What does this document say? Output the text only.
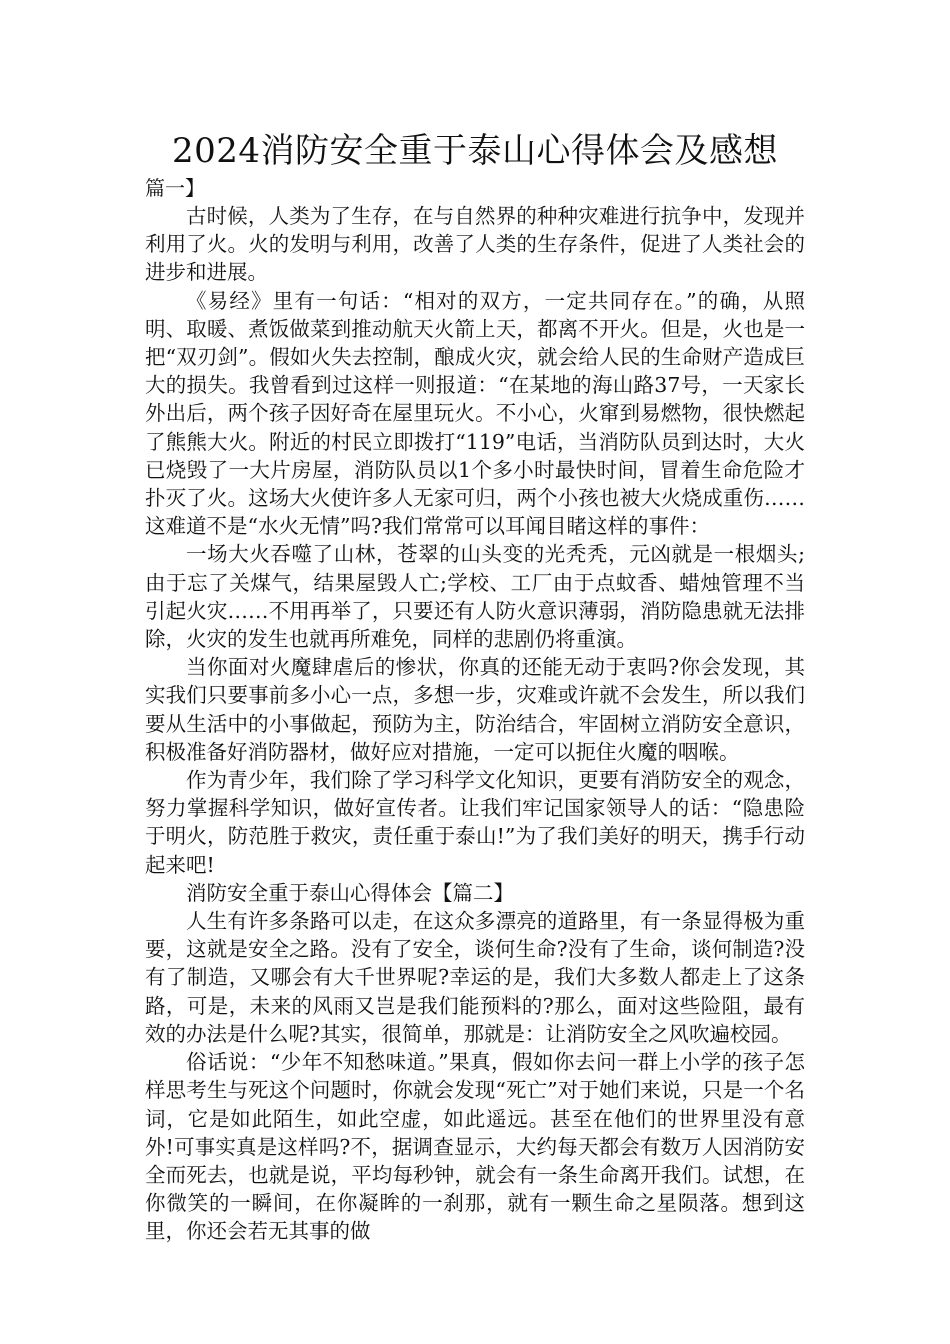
2024消防安全重于泰山心得体会及感想

篇一】

古时候，人类为了生存，在与自然界的种种灾难进行抗争中，发现并利用了火。火的发明与利用，改善了人类的生存条件，促进了人类社会的进步和进展。

《易经》里有一句话：“相对的双方，一定共同存在。”的确，从照明、取暖、煮饭做菜到推动航天火箭上天，都离不开火。但是，火也是一把“双刃剑”。假如火失去控制，酿成火灾，就会给人民的生命财产造成巨大的损失。我曾看到过这样一则报道：“在某地的海山路37号，一天家长外出后，两个孩子因好奇在屋里玩火。不小心，火窜到易燃物，很快燃起了熊熊大火。附近的村民立即拨打“119”电话，当消防队员到达时，大火已烧毁了一大片房屋，消防队员以1个多小时最快时间，冒着生命危险才扑灭了火。这场大火使许多人无家可归，两个小孩也被大火烧成重伤……这难道不是“水火无情”吗?我们常常可以耳闻目睹这样的事件：

一场大火吞噬了山林，苍翠的山头变的光秃秃，元凶就是一根烟头;由于忘了关煤气，结果屋毁人亡;学校、工厂由于点蚊香、蜡烛管理不当引起火灾……不用再举了，只要还有人防火意识薄弱，消防隐患就无法排除，火灾的发生也就再所难免，同样的悲剧仍将重演。

当你面对火魔肆虐后的惨状，你真的还能无动于衷吗?你会发现，其实我们只要事前多小心一点，多想一步，灾难或许就不会发生，所以我们要从生活中的小事做起，预防为主，防治结合，牢固树立消防安全意识，积极准备好消防器材，做好应对措施，一定可以扼住火魔的咽喉。

作为青少年，我们除了学习科学文化知识，更要有消防安全的观念，努力掌握科学知识，做好宣传者。让我们牢记国家领导人的话：“隐患险于明火，防范胜于救灾，责任重于泰山!”为了我们美好的明天，携手行动起来吧!

消防安全重于泰山心得体会【篇二】

人生有许多条路可以走，在这众多漂亮的道路里，有一条显得极为重要，这就是安全之路。没有了安全，谈何生命?没有了生命，谈何制造?没有了制造，又哪会有大千世界呢?幸运的是，我们大多数人都走上了这条路，可是，未来的风雨又岂是我们能预料的?那么，面对这些险阻，最有效的办法是什么呢?其实，很简单，那就是：让消防安全之风吹遍校园。

俗话说：“少年不知愁味道。”果真，假如你去问一群上小学的孩子怎样思考生与死这个问题时，你就会发现“死亡”对于她们来说，只是一个名词，它是如此陌生，如此空虚，如此遥远。甚至在他们的世界里没有意外!可事实真是这样吗?不，据调查显示，大约每天都会有数万人因消防安全而死去，也就是说，平均每秒钟，就会有一条生命离开我们。试想，在你微笑的一瞬间，在你凝眸的一刹那，就有一颗生命之星陨落。想到这里，你还会若无其事的做
